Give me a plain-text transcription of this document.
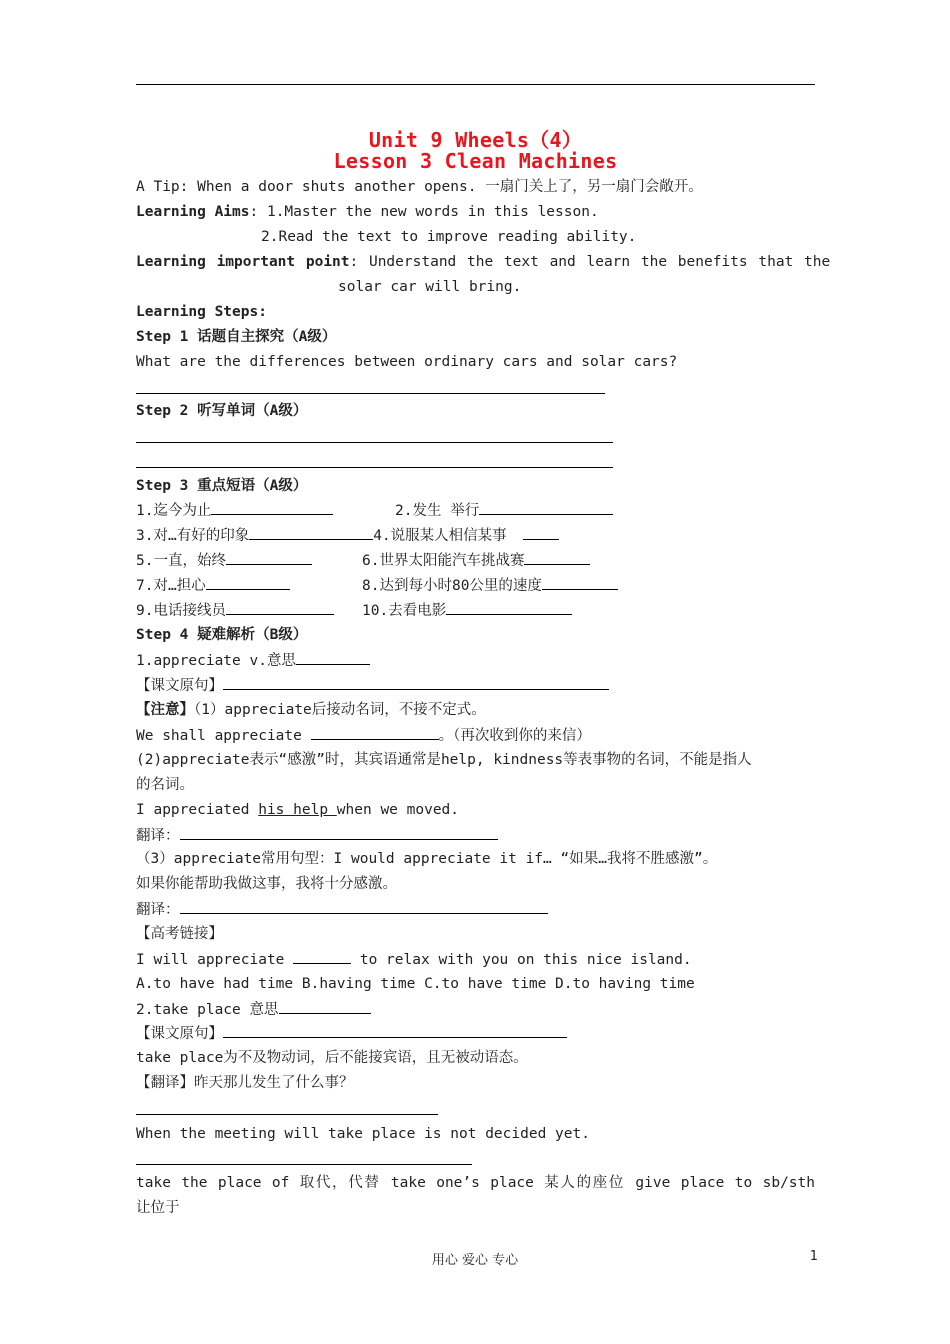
Unit 9 Wheels（4）
Lesson 3 Clean Machines
A Tip: When a door shuts another opens. 一扇门关上了，另一扇门会敞开。
Learning Aims: 1.Master the new words in this lesson.
2.Read the text to improve reading ability.
Learning important point: Understand the text and learn the benefits that the
solar car will bring.
Learning Steps:
Step 1 话题自主探究（A级）
What are the differences between ordinary cars and solar cars?
Step 2 听写单词（A级）
Step 3 重点短语（A级）
1.迄今为止	2.发生 举行
3.对…有好的印象	4.说服某人相信某事
5.一直，始终	6.世界太阳能汽车挑战赛
7.对…担心	8.达到每小时80公里的速度
9.电话接线员	10.去看电影
Step 4 疑难解析（B级）
1.appreciate v.意思
【课文原句】
【注意】（1）appreciate后接动名词，不接不定式。
We shall appreciate	。（再次收到你的来信）
(2)appreciate表示“感激”时，其宾语通常是help, kindness等表事物的名词，不能是指人
的名词。
I appreciated his help when we moved.
翻译：
（3）appreciate常用句型：I would appreciate it if… “如果…我将不胜感激”。
如果你能帮助我做这事，我将十分感激。
翻译：
【高考链接】
I will appreciate	to relax with you on this nice island.
A.to have had time B.having time C.to have time D.to having time
2.take place 意思
【课文原句】
take place为不及物动词，后不能接宾语，且无被动语态。
【翻译】昨天那儿发生了什么事？
When the meeting will take place is not decided yet.
take the place of 取代，代替 take one’s place 某人的座位 give place to sb/sth
让位于
用心 爱心 专心	1
